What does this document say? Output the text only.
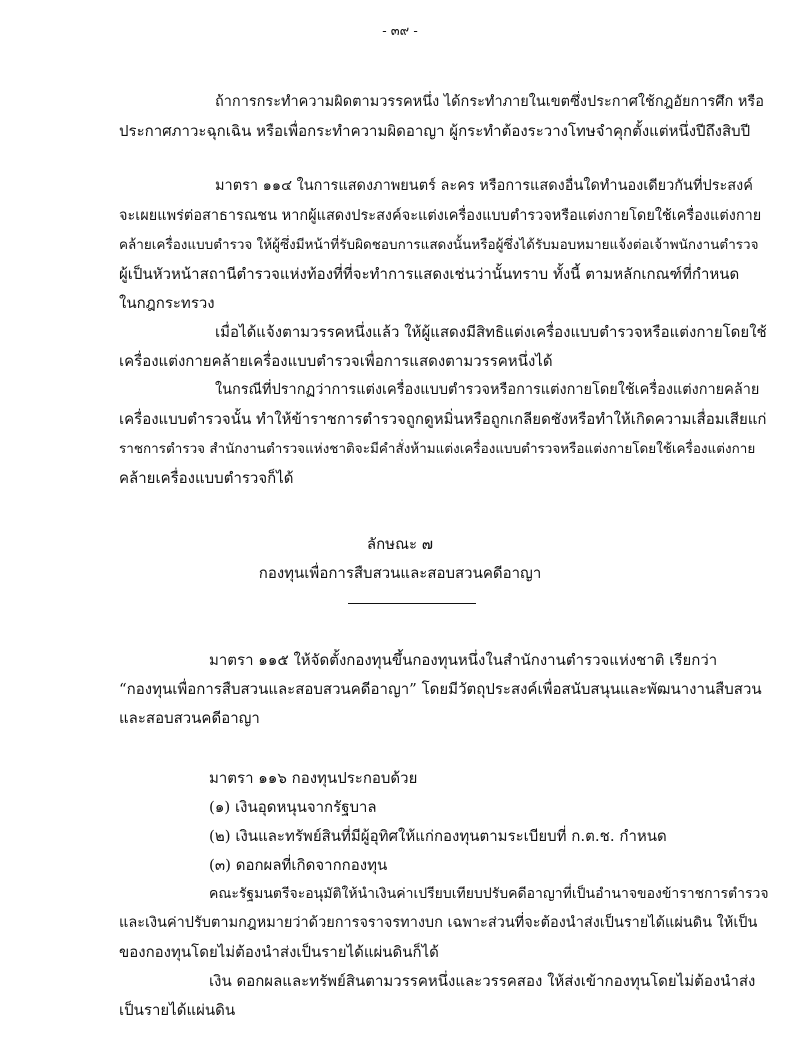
- ๓๙ -
ถ้าการกระทำความผิดตามวรรคหนึ่ง ได้กระทำภายในเขตซึ่งประกาศใช้กฎอัยการศึก หรือ
ประกาศภาวะฉุกเฉิน หรือเพื่อกระทำความผิดอาญา ผู้กระทำต้องระวางโทษจำคุกตั้งแต่หนึ่งปีถึงสิบปี
มาตรา ๑๑๔ ในการแสดงภาพยนตร์ ละคร หรือการแสดงอื่นใดทำนองเดียวกันที่ประสงค์
จะเผยแพร่ต่อสาธารณชน หากผู้แสดงประสงค์จะแต่งเครื่องแบบตำรวจหรือแต่งกายโดยใช้เครื่องแต่งกาย
คล้ายเครื่องแบบตำรวจ ให้ผู้ซึ่งมีหน้าที่รับผิดชอบการแสดงนั้นหรือผู้ซึ่งได้รับมอบหมายแจ้งต่อเจ้าพนักงานตำรวจ
ผู้เป็นหัวหน้าสถานีตำรวจแห่งท้องที่ที่จะทำการแสดงเช่นว่านั้นทราบ ทั้งนี้ ตามหลักเกณฑ์ที่กำหนด
ในกฎกระทรวง
เมื่อได้แจ้งตามวรรคหนึ่งแล้ว ให้ผู้แสดงมีสิทธิแต่งเครื่องแบบตำรวจหรือแต่งกายโดยใช้
เครื่องแต่งกายคล้ายเครื่องแบบตำรวจเพื่อการแสดงตามวรรคหนึ่งได้
ในกรณีที่ปรากฏว่าการแต่งเครื่องแบบตำรวจหรือการแต่งกายโดยใช้เครื่องแต่งกายคล้าย
เครื่องแบบตำรวจนั้น ทำให้ข้าราชการตำรวจถูกดูหมิ่นหรือถูกเกลียดชังหรือทำให้เกิดความเสื่อมเสียแก่
ราชการตำรวจ สำนักงานตำรวจแห่งชาติจะมีคำสั่งห้ามแต่งเครื่องแบบตำรวจหรือแต่งกายโดยใช้เครื่องแต่งกาย
คล้ายเครื่องแบบตำรวจก็ได้
ลักษณะ ๗
กองทุนเพื่อการสืบสวนและสอบสวนคดีอาญา
มาตรา ๑๑๕ ให้จัดตั้งกองทุนขึ้นกองทุนหนึ่งในสำนักงานตำรวจแห่งชาติ เรียกว่า
“กองทุนเพื่อการสืบสวนและสอบสวนคดีอาญา” โดยมีวัตถุประสงค์เพื่อสนับสนุนและพัฒนางานสืบสวน
และสอบสวนคดีอาญา
มาตรา ๑๑๖ กองทุนประกอบด้วย
(๑) เงินอุดหนุนจากรัฐบาล
(๒) เงินและทรัพย์สินที่มีผู้อุทิศให้แก่กองทุนตามระเบียบที่ ก.ต.ช. กำหนด
(๓) ดอกผลที่เกิดจากกองทุน
คณะรัฐมนตรีจะอนุมัติให้นำเงินค่าเปรียบเทียบปรับคดีอาญาที่เป็นอำนาจของข้าราชการตำรวจ
และเงินค่าปรับตามกฎหมายว่าด้วยการจราจรทางบก เฉพาะส่วนที่จะต้องนำส่งเป็นรายได้แผ่นดิน ให้เป็น
ของกองทุนโดยไม่ต้องนำส่งเป็นรายได้แผ่นดินก็ได้
เงิน ดอกผลและทรัพย์สินตามวรรคหนึ่งและวรรคสอง ให้ส่งเข้ากองทุนโดยไม่ต้องนำส่ง
เป็นรายได้แผ่นดิน
